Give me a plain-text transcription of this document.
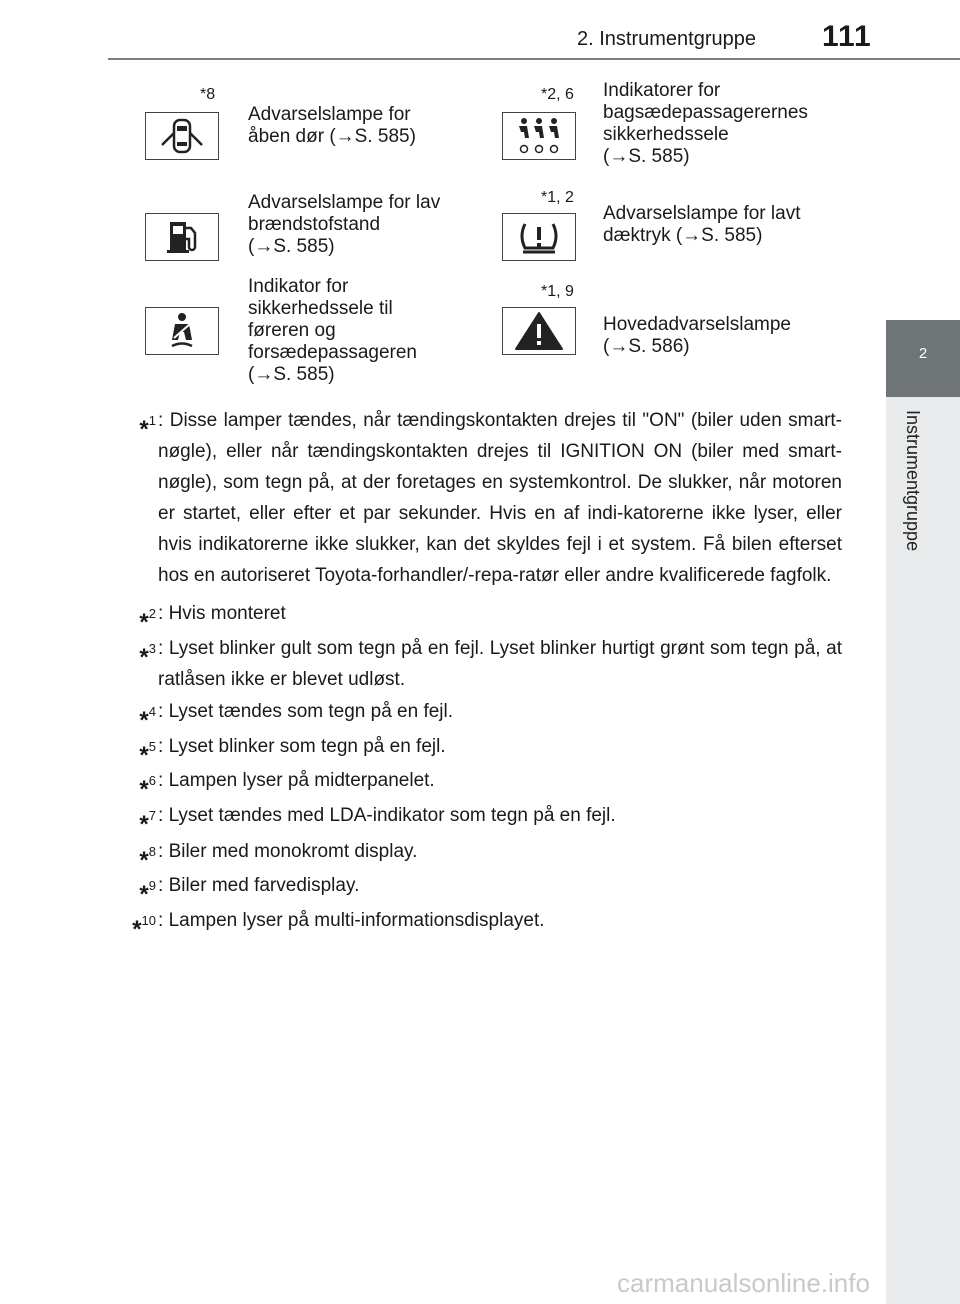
2. Instrumentgruppe 111
2
Instrumentgruppe
*8
Advarselslampe for
åben dør (→S. 585)
*2, 6 Indikatorer for
bagsædepassagerernes
sikkerhedssele
(→S. 585)
Advarselslampe for lav
brændstofstand
(→S. 585)
*1, 2
Advarselslampe for lavt
dæktryk (→S. 585)
Indikator for
sikkerhedssele til
føreren og
forsædepassageren
(→S. 585)
*1, 9
Hovedadvarselslampe
(→S. 586)
*$^1$ : Disse lamper tændes, når tændingskontakten drejes til "ON" (biler uden smart-nøgle), eller når tændingskontakten drejes til IGNITION ON (biler med smart-nøgle), som tegn på, at der foretages en systemkontrol. De slukker, når motoren er startet, eller efter et par sekunder. Hvis en af indi-katorerne ikke lyser, eller hvis indikatorerne ikke slukker, kan det skyldes fejl i et system. Få bilen efterset hos en autoriseret Toyota-forhandler/-repa-ratør eller andre kvalificerede fagfolk.
*$^2$ : Hvis monteret
*$^3$ : Lyset blinker gult som tegn på en fejl. Lyset blinker hurtigt grønt som tegn på, at ratlåsen ikke er blevet udløst.
*$^4$ : Lyset tændes som tegn på en fejl.
*$^5$ : Lyset blinker som tegn på en fejl.
*$^6$ : Lampen lyser på midterpanelet.
*$^7$ : Lyset tændes med LDA-indikator som tegn på en fejl.
*$^8$ : Biler med monokromt display.
*$^9$ : Biler med farvedisplay.
*$^{10}$ : Lampen lyser på multi-informationsdisplayet.
carmanualsonline.info
